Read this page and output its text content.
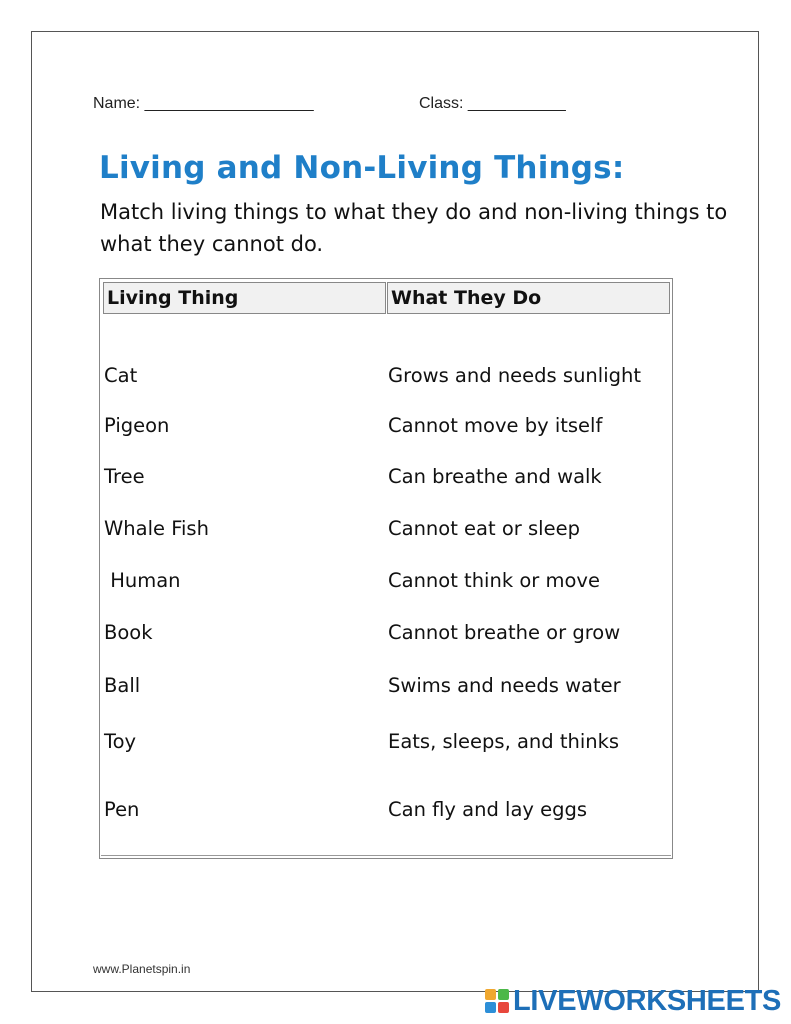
Name: ___________________	Class: ___________
Living and Non-Living Things:

Match living things to what they do and non-living things to what they cannot do.

Living Thing	What They Do
Cat
Pigeon
Tree
Whale Fish
Human
Book
Ball
Toy
Pen
Grows and needs sunlight
Cannot move by itself
Can breathe and walk
Cannot eat or sleep
Cannot think or move
Cannot breathe or grow
Swims and needs water
Eats, sleeps, and thinks
Can fly and lay eggs
www.Planetspin.in
LIVEWORKSHEETS
